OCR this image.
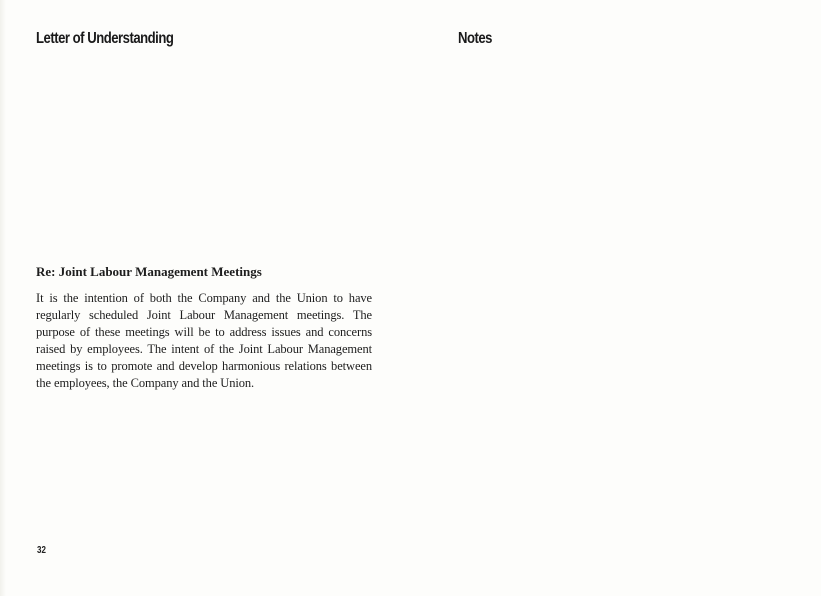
Letter of Understanding
Re: Joint Labour Management Meetings

It is the intention of both the Company and the Union to have regularly scheduled Joint Labour Management meetings. The purpose of these meetings will be to address issues and concerns raised by employees. The intent of the Joint Labour Management meetings is to promote and develop harmonious relations between the employees, the Company and the Union.

32
Notes
